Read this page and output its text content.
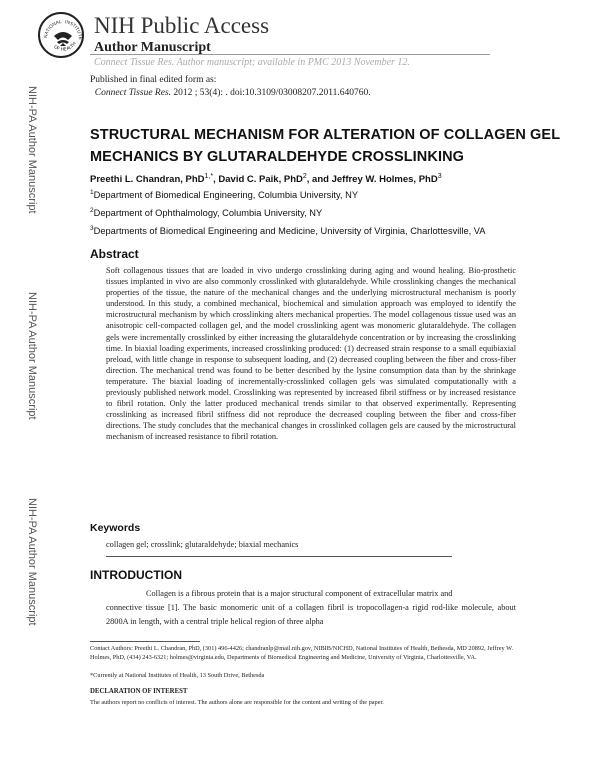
NATIONAL INSTITUTE
OF HEALTH
NIH Public Access
Author Manuscript
Connect Tissue Res. Author manuscript; available in PMC 2013 November 12.
Published in final edited form as:
Connect Tissue Res. 2012 ; 53(4): . doi:10.3109/03008207.2011.640760.
NIH-PA Author Manuscript
NIH-PA Author Manuscript
NIH-PA Author Manuscript
STRUCTURAL MECHANISM FOR ALTERATION OF COLLAGEN GEL MECHANICS BY GLUTARALDEHYDE CROSSLINKING
Preethi L. Chandran, PhD$^{1,*}$, David C. Paik, PhD$^2$, and Jeffrey W. Holmes, PhD$^3$
$^1$Department of Biomedical Engineering, Columbia University, NY
$^2$Department of Ophthalmology, Columbia University, NY
$^3$Departments of Biomedical Engineering and Medicine, University of Virginia, Charlottesville, VA
Abstract

Soft collagenous tissues that are loaded in vivo undergo crosslinking during aging and wound healing. Bio-prosthetic tissues implanted in vivo are also commonly crosslinked with glutaraldehyde. While crosslinking changes the mechanical properties of the tissue, the nature of the mechanical changes and the underlying microstructural mechanism is poorly understood. In this study, a combined mechanical, biochemical and simulation approach was employed to identify the microstructural mechanism by which crosslinking alters mechanical properties. The model collagenous tissue used was an anisotropic cell-compacted collagen gel, and the model crosslinking agent was monomeric glutaraldehyde. The collagen gels were incrementally crosslinked by either increasing the glutaraldehyde concentration or by increasing the crosslinking time. In biaxial loading experiments, increased crosslinking produced: (1) decreased strain response to a small equibiaxial preload, with little change in response to subsequent loading, and (2) decreased coupling between the fiber and cross-fiber direction. The mechanical trend was found to be better described by the lysine consumption data than by the shrinkage temperature. The biaxial loading of incrementally-crosslinked collagen gels was simulated computationally with a previously published network model. Crosslinking was represented by increased fibril stiffness or by increased resistance to fibril rotation. Only the latter produced mechanical trends similar to that observed experimentally. Representing crosslinking as increased fibril stiffness did not reproduce the decreased coupling between the fiber and cross-fiber directions. The study concludes that the mechanical changes in crosslinked collagen gels are caused by the microstructural mechanism of increased resistance to fibril rotation.

Keywords
collagen gel; crosslink; glutaraldehyde; biaxial mechanics
INTRODUCTION

Collagen is a fibrous protein that is a major structural component of extracellular matrix and

connective tissue [1]. The basic monomeric unit of a collagen fibril is tropocollagen-a rigid rod-like molecule, about 2800A in length, with a central triple helical region of three alpha

Contact Authors: Preethi L. Chandran, PhD, (301) 496-4426; chandranlp@mail.nih.gov, NIBIB/NICHD, National Institutes of Health, Bethesda, MD 20892, Jeffrey W. Holmes, PhD, (434) 243-6321; holmes@virginia.edu, Departments of Biomedical Engineering and Medicine, University of Virginia, Charlottesville, VA.

*Currently at National Institutes of Health, 13 South Drive, Bethesda
DECLARATION OF INTEREST
The authors report no conflicts of interest. The authors alone are responsible for the content and writing of the paper.
